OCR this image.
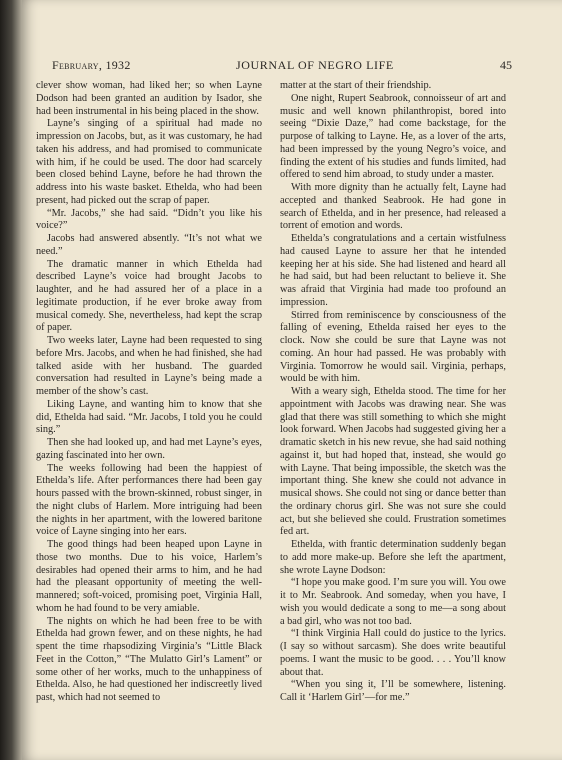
February, 1932	JOURNAL OF NEGRO LIFE	45

clever show woman, had liked her; so when Layne Dodson had been granted an audition by Isador, she had been instrumental in his being placed in the show.

Layne’s singing of a spiritual had made no impression on Jacobs, but, as it was customary, he had taken his address, and had promised to communicate with him, if he could be used. The door had scarcely been closed behind Layne, before he had thrown the address into his waste basket. Ethelda, who had been present, had picked out the scrap of paper.

“Mr. Jacobs,” she had said. “Didn’t you like his voice?”

Jacobs had answered absently. “It’s not what we need.”

The dramatic manner in which Ethelda had described Layne’s voice had brought Jacobs to laughter, and he had assured her of a place in a legitimate production, if he ever broke away from musical comedy. She, nevertheless, had kept the scrap of paper.

Two weeks later, Layne had been requested to sing before Mrs. Jacobs, and when he had finished, she had talked aside with her husband. The guarded conversation had resulted in Layne’s being made a member of the show’s cast.

Liking Layne, and wanting him to know that she did, Ethelda had said. “Mr. Jacobs, I told you he could sing.”

Then she had looked up, and had met Layne’s eyes, gazing fascinated into her own.

The weeks following had been the happiest of Ethelda’s life. After performances there had been gay hours passed with the brown-skinned, robust singer, in the night clubs of Harlem. More intriguing had been the nights in her apartment, with the lowered baritone voice of Layne singing into her ears.

The good things had been heaped upon Layne in those two months. Due to his voice, Harlem’s desirables had opened their arms to him, and he had had the pleasant opportunity of meeting the well-mannered; soft-voiced, promising poet, Virginia Hall, whom he had found to be very amiable.

The nights on which he had been free to be with Ethelda had grown fewer, and on these nights, he had spent the time rhapsodizing Virginia’s “Little Black Feet in the Cotton,” “The Mulatto Girl’s Lament” or some other of her works, much to the unhappiness of Ethelda. Also, he had questioned her indiscreetly lived past, which had not seemed to

matter at the start of their friendship.

One night, Rupert Seabrook, connoisseur of art and music and well known philanthropist, bored into seeing “Dixie Daze,” had come backstage, for the purpose of talking to Layne. He, as a lover of the arts, had been impressed by the young Negro’s voice, and finding the extent of his studies and funds limited, had offered to send him abroad, to study under a master.

With more dignity than he actually felt, Layne had accepted and thanked Seabrook. He had gone in search of Ethelda, and in her presence, had released a torrent of emotion and words.

Ethelda’s congratulations and a certain wistfulness had caused Layne to assure her that he intended keeping her at his side. She had listened and heard all he had said, but had been reluctant to believe it. She was afraid that Virginia had made too profound an impression.

Stirred from reminiscence by consciousness of the falling of evening, Ethelda raised her eyes to the clock. Now she could be sure that Layne was not coming. An hour had passed. He was probably with Virginia. Tomorrow he would sail. Virginia, perhaps, would be with him.

With a weary sigh, Ethelda stood. The time for her appointment with Jacobs was drawing near. She was glad that there was still something to which she might look forward. When Jacobs had suggested giving her a dramatic sketch in his new revue, she had said nothing against it, but had hoped that, instead, she would go with Layne. That being impossible, the sketch was the important thing. She knew she could not advance in musical shows. She could not sing or dance better than the ordinary chorus girl. She was not sure she could act, but she believed she could. Frustration sometimes fed art.

Ethelda, with frantic determination suddenly began to add more make-up. Before she left the apartment, she wrote Layne Dodson:

“I hope you make good. I’m sure you will. You owe it to Mr. Seabrook. And someday, when you have, I wish you would dedicate a song to me—a song about a bad girl, who was not too bad.

“I think Virginia Hall could do justice to the lyrics. (I say so without sarcasm). She does write beautiful poems. I want the music to be good. . . . You’ll know about that.

“When you sing it, I’ll be somewhere, listening. Call it ‘Harlem Girl’—for me.”
